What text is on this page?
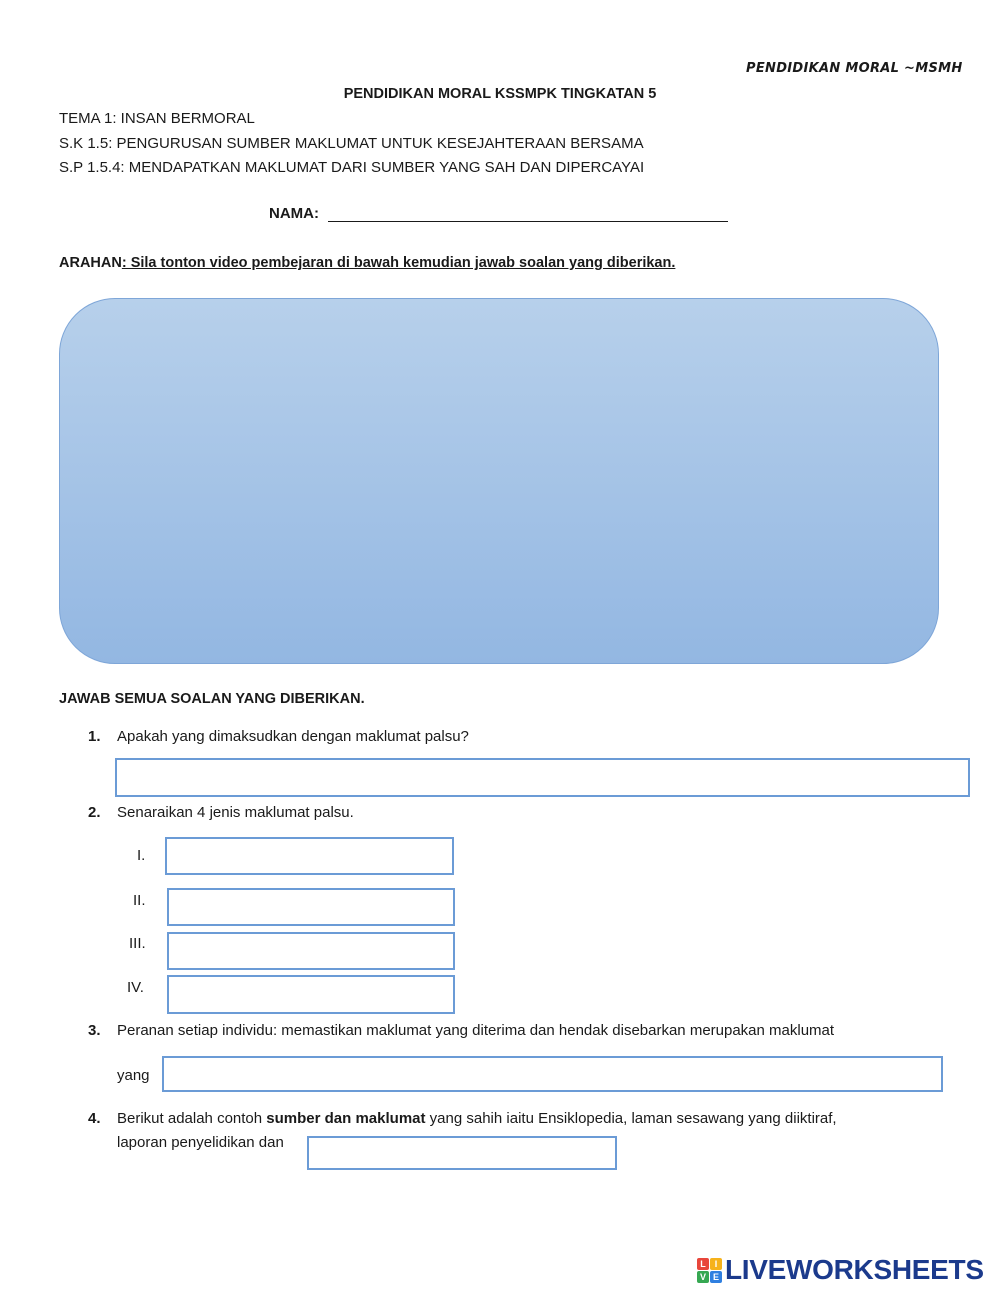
PENDIDIKAN MORAL ~MSMH
PENDIDIKAN MORAL KSSMPK TINGKATAN 5
TEMA 1: INSAN BERMORAL
S.K 1.5: PENGURUSAN SUMBER MAKLUMAT UNTUK KESEJAHTERAAN BERSAMA
S.P 1.5.4: MENDAPATKAN MAKLUMAT DARI SUMBER YANG SAH DAN DIPERCAYAI
NAMA:
ARAHAN: Sila tonton video pembejaran di bawah kemudian jawab soalan yang diberikan.
JAWAB SEMUA SOALAN YANG DIBERIKAN.
1. Apakah yang dimaksudkan dengan maklumat palsu?
2. Senaraikan 4 jenis maklumat palsu.
I.
II.
III.
IV.
3. Peranan setiap individu: memastikan maklumat yang diterima dan hendak disebarkan merupakan maklumat
yang
4. Berikut adalah contoh sumber dan maklumat yang sahih iaitu Ensiklopedia, laman sesawang yang diiktiraf,
laporan penyelidikan dan
L I
V E LIVEWORKSHEETS
